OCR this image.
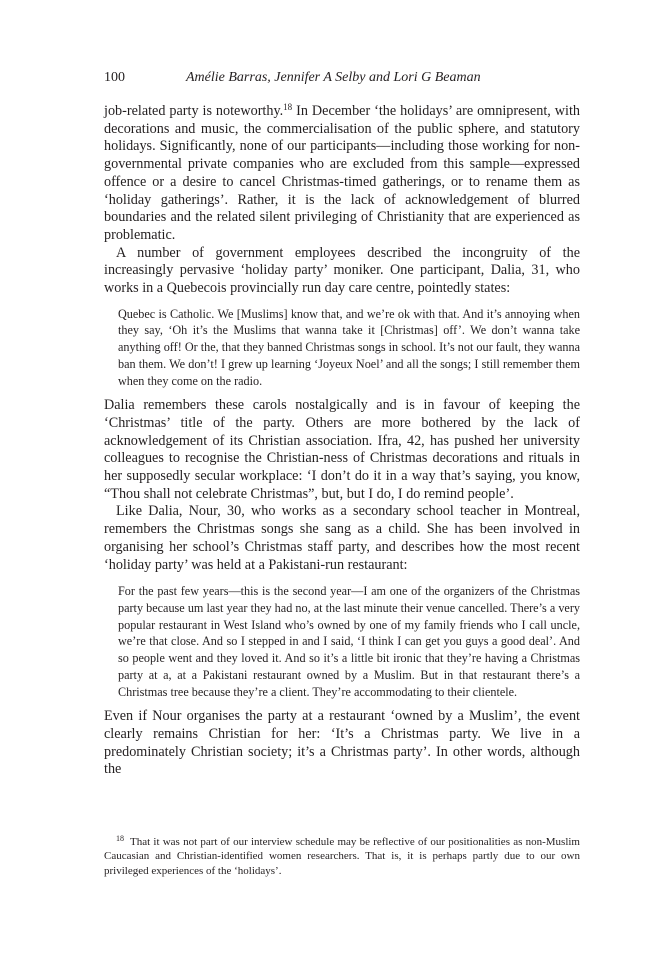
100	Amélie Barras, Jennifer A Selby and Lori G Beaman

job-related party is noteworthy.$^{18}$ In December ‘the holidays’ are omnipresent, with decorations and music, the commercialisation of the public sphere, and statutory holidays. Significantly, none of our participants—including those working for non-governmental private companies who are excluded from this sample—expressed offence or a desire to cancel Christmas-timed gatherings, or to rename them as ‘holiday gatherings’. Rather, it is the lack of acknowledgement of blurred boundaries and the related silent privileging of Christianity that are experienced as problematic.

A number of government employees described the incongruity of the increasingly pervasive ‘holiday party’ moniker. One participant, Dalia, 31, who works in a Quebecois provincially run day care centre, pointedly states:

Quebec is Catholic. We [Muslims] know that, and we’re ok with that. And it’s annoying when they say, ‘Oh it’s the Muslims that wanna take it [Christmas] off’. We don’t wanna take anything off! Or the, that they banned Christmas songs in school. It’s not our fault, they wanna ban them. We don’t! I grew up learning ‘Joyeux Noel’ and all the songs; I still remember them when they come on the radio.

Dalia remembers these carols nostalgically and is in favour of keeping the ‘Christmas’ title of the party. Others are more bothered by the lack of acknowledgement of its Christian association. Ifra, 42, has pushed her university colleagues to recognise the Christian-ness of Christmas decorations and rituals in her supposedly secular workplace: ‘I don’t do it in a way that’s saying, you know, “Thou shall not celebrate Christmas”, but, but I do, I do remind people’.

Like Dalia, Nour, 30, who works as a secondary school teacher in Montreal, remembers the Christmas songs she sang as a child. She has been involved in organising her school’s Christmas staff party, and describes how the most recent ‘holiday party’ was held at a Pakistani-run restaurant:

For the past few years—this is the second year—I am one of the organizers of the Christmas party because um last year they had no, at the last minute their venue cancelled. There’s a very popular restaurant in West Island who’s owned by one of my family friends who I call uncle, we’re that close. And so I stepped in and I said, ‘I think I can get you guys a good deal’. And so people went and they loved it. And so it’s a little bit ironic that they’re having a Christmas party at a, at a Pakistani restaurant owned by a Muslim. But in that restaurant there’s a Christmas tree because they’re a client. They’re accommodating to their clientele.

Even if Nour organises the party at a restaurant ‘owned by a Muslim’, the event clearly remains Christian for her: ‘It’s a Christmas party. We live in a predominately Christian society; it’s a Christmas party’. In other words, although the

$^{18}$ That it was not part of our interview schedule may be reflective of our positionalities as non-Muslim Caucasian and Christian-identified women researchers. That is, it is perhaps partly due to our own privileged experiences of the ‘holidays’.
